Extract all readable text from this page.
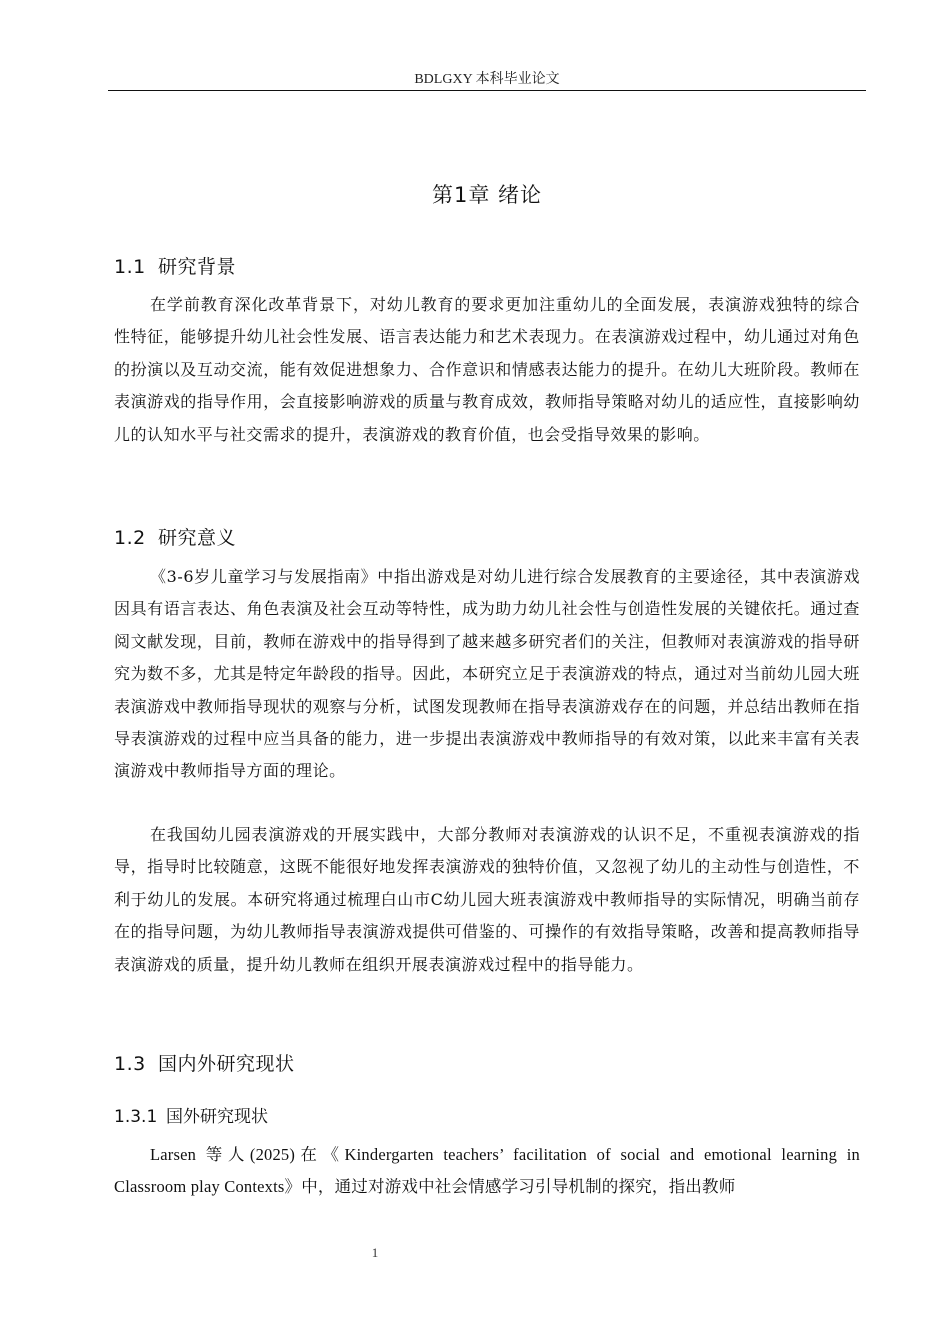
BDLGXY 本科毕业论文
第1章 绪论
1.1 研究背景

在学前教育深化改革背景下，对幼儿教育的要求更加注重幼儿的全面发展，表演游戏独特的综合性特征，能够提升幼儿社会性发展、语言表达能力和艺术表现力。在表演游戏过程中，幼儿通过对角色的扮演以及互动交流，能有效促进想象力、合作意识和情感表达能力的提升。在幼儿大班阶段。教师在表演游戏的指导作用，会直接影响游戏的质量与教育成效，教师指导策略对幼儿的适应性，直接影响幼儿的认知水平与社交需求的提升，表演游戏的教育价值，也会受指导效果的影响。

1.2 研究意义

《3-6岁儿童学习与发展指南》中指出游戏是对幼儿进行综合发展教育的主要途径，其中表演游戏因具有语言表达、角色表演及社会互动等特性，成为助力幼儿社会性与创造性发展的关键依托。通过查阅文献发现，目前，教师在游戏中的指导得到了越来越多研究者们的关注，但教师对表演游戏的指导研究为数不多，尤其是特定年龄段的指导。因此，本研究立足于表演游戏的特点，通过对当前幼儿园大班表演游戏中教师指导现状的观察与分析，试图发现教师在指导表演游戏存在的问题，并总结出教师在指导表演游戏的过程中应当具备的能力，进一步提出表演游戏中教师指导的有效对策，以此来丰富有关表演游戏中教师指导方面的理论。

在我国幼儿园表演游戏的开展实践中，大部分教师对表演游戏的认识不足，不重视表演游戏的指导，指导时比较随意，这既不能很好地发挥表演游戏的独特价值，又忽视了幼儿的主动性与创造性，不利于幼儿的发展。本研究将通过梳理白山市C幼儿园大班表演游戏中教师指导的实际情况，明确当前存在的指导问题，为幼儿教师指导表演游戏提供可借鉴的、可操作的有效指导策略，改善和提高教师指导表演游戏的质量，提升幼儿教师在组织开展表演游戏过程中的指导能力。

1.3 国内外研究现状
1.3.1 国外研究现状

Larsen 等人(2025)在《Kindergarten teachers’ facilitation of social and emotional learning in Classroom play Contexts》中，通过对游戏中社会情感学习引导机制的探究，指出教师

1
